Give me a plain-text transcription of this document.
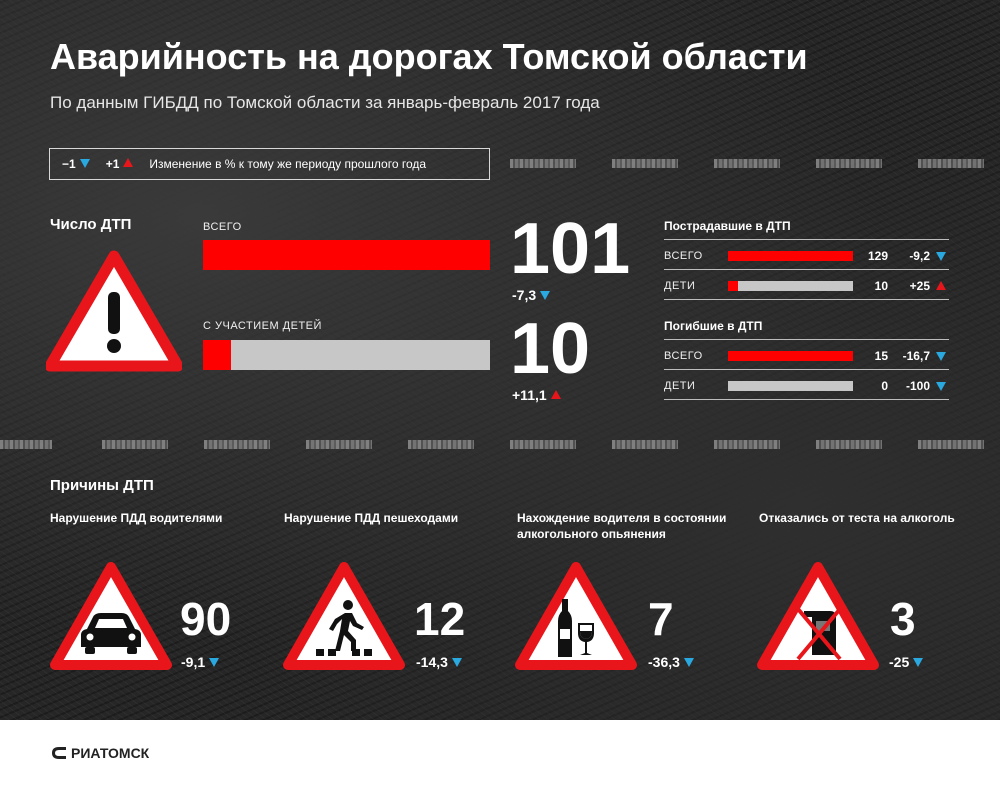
Аварийность на дорогах Томской области
По данным ГИБДД по Томской области за январь-февраль 2017 года
−1	+1	Изменение в % к тому же периоду прошлого года
Число ДТП	ВСЕГО	101
-7,3
С УЧАСТИЕМ ДЕТЕЙ	10
+11,1
Пострадавшие в ДТП
ВСЕГО	129	-9,2
ДЕТИ	10	+25
Погибшие в ДТП
ВСЕГО	15	-16,7
ДЕТИ	0	-100
Причины ДТП
Нарушение ПДД водителями
90
-9,1
Нарушение ПДД пешеходами
12
-14,3
Нахождение водителя в состоянии алкогольного опьянения
7
-36,3
Отказались от теста на алкоголь
3
-25
РИАТОМСК
